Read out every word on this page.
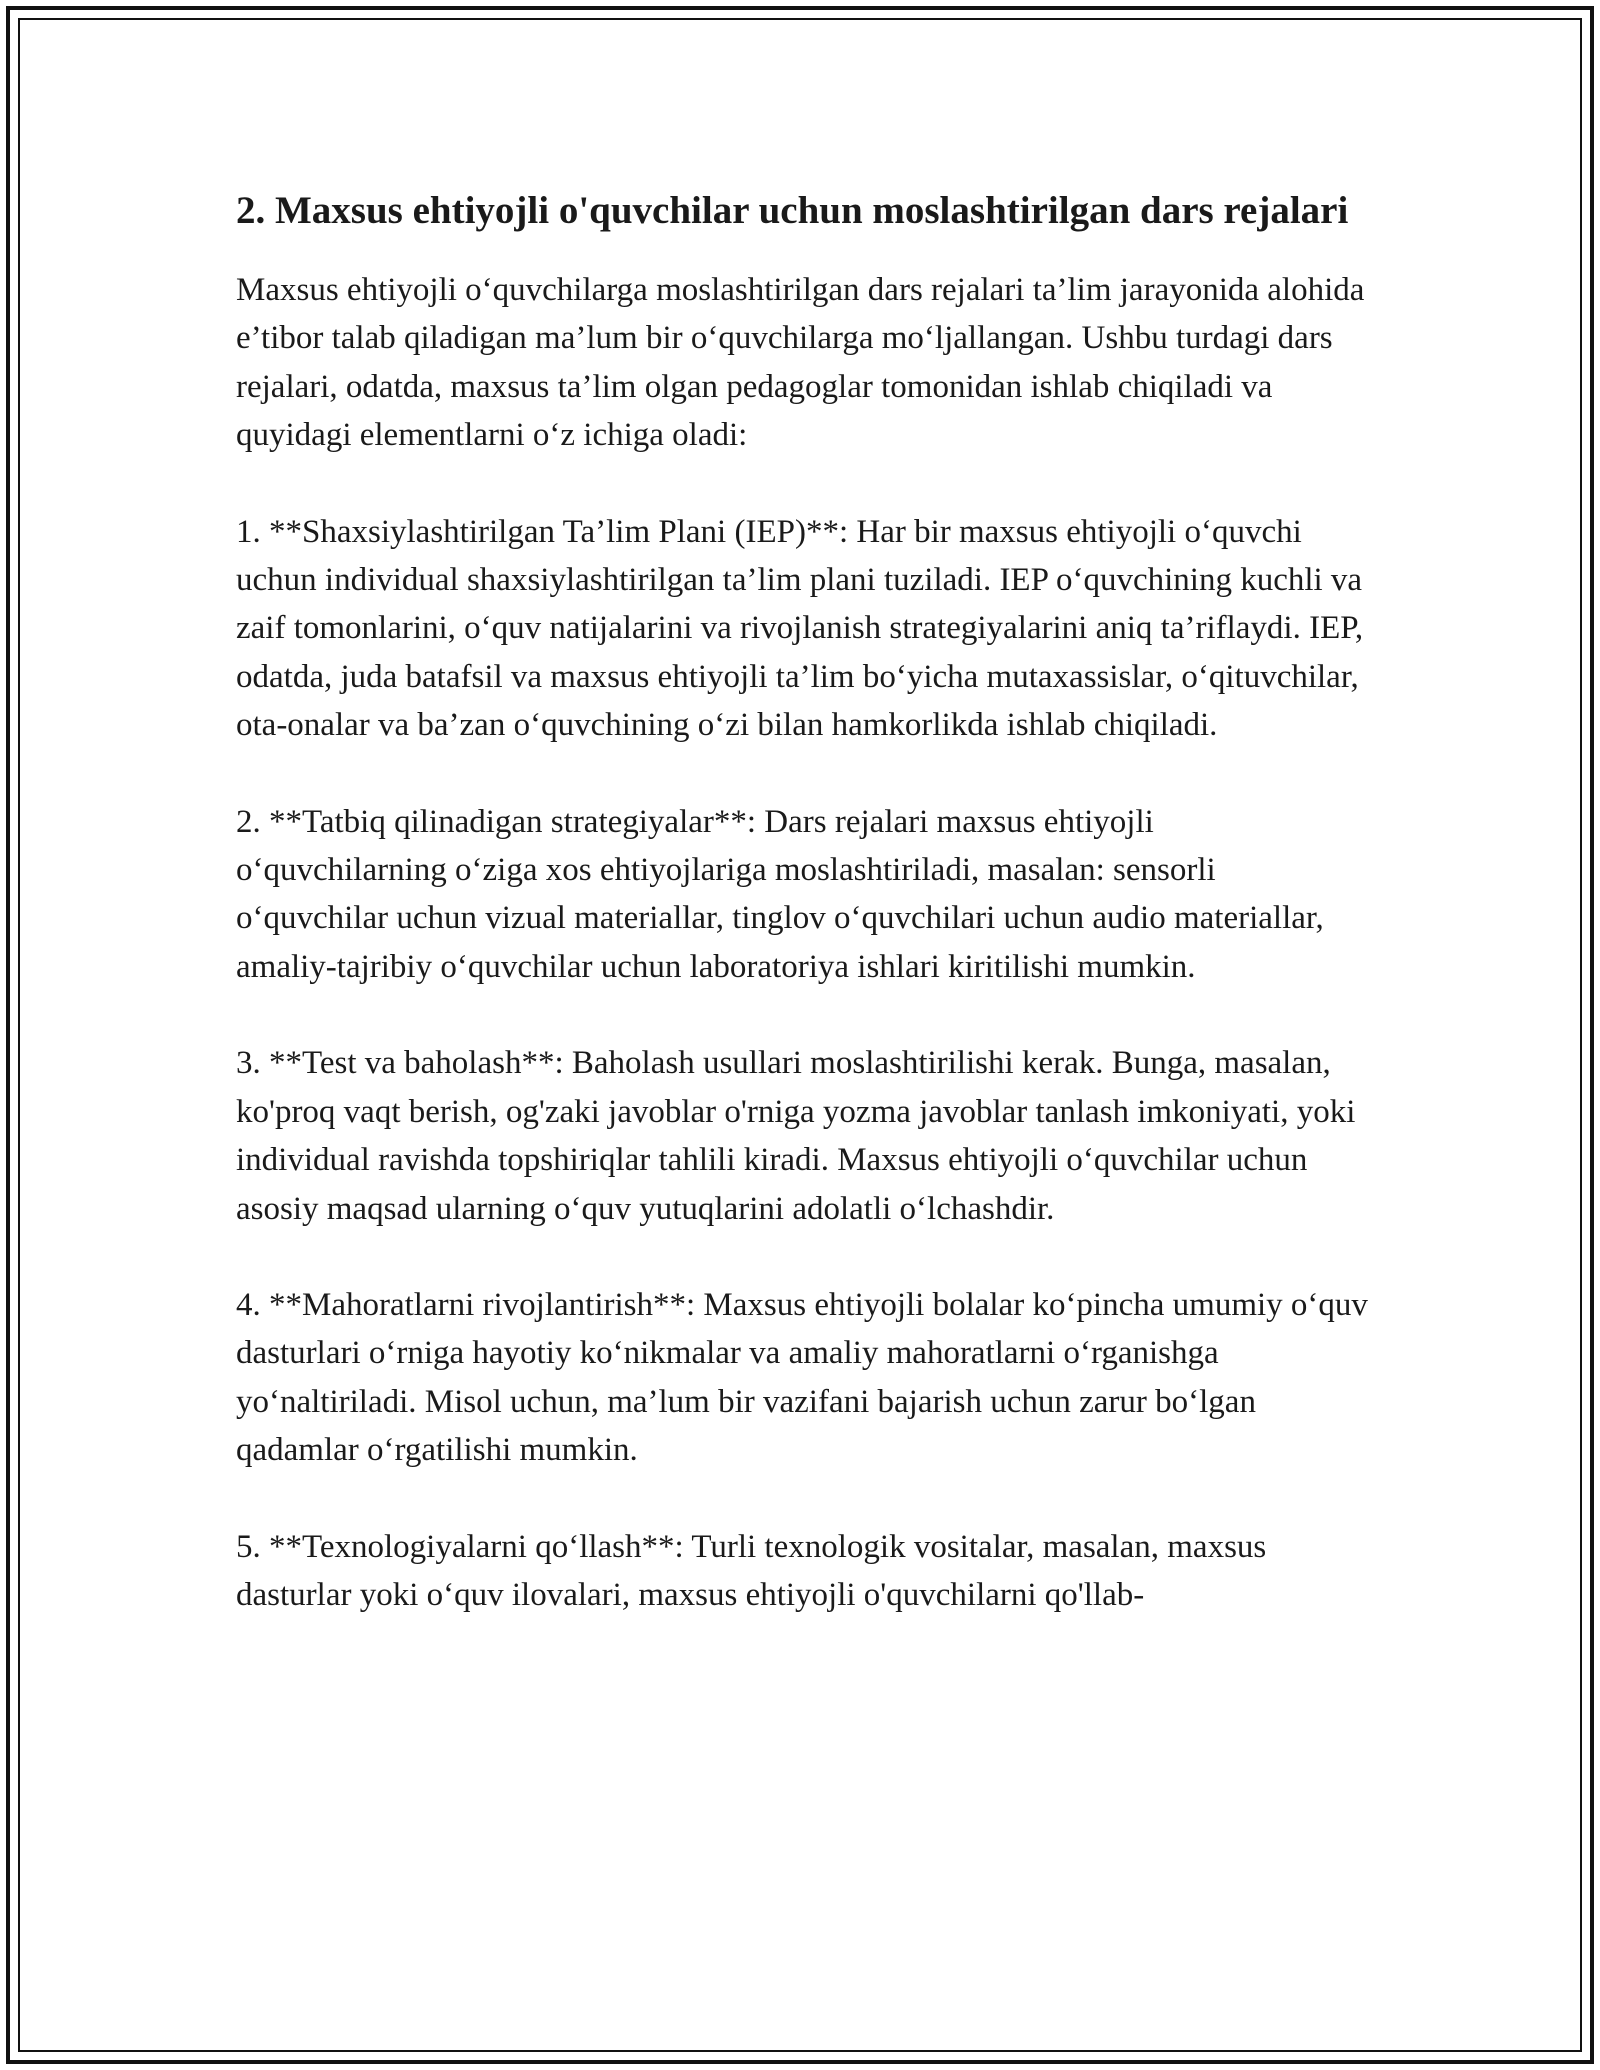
2. Maxsus ehtiyojli o'quvchilar uchun moslashtirilgan dars rejalari

Maxsus ehtiyojli o‘quvchilarga moslashtirilgan dars rejalari ta’lim jarayonida alohida e’tibor talab qiladigan ma’lum bir o‘quvchilarga mo‘ljallangan. Ushbu turdagi dars rejalari, odatda, maxsus ta’lim olgan pedagoglar tomonidan ishlab chiqiladi va quyidagi elementlarni o‘z ichiga oladi:

1. **Shaxsiylashtirilgan Ta’lim Plani (IEP)**: Har bir maxsus ehtiyojli o‘quvchi uchun individual shaxsiylashtirilgan ta’lim plani tuziladi. IEP o‘quvchining kuchli va zaif tomonlarini, o‘quv natijalarini va rivojlanish strategiyalarini aniq ta’riflaydi. IEP, odatda, juda batafsil va maxsus ehtiyojli ta’lim bo‘yicha mutaxassislar, o‘qituvchilar, ota-onalar va ba’zan o‘quvchining o‘zi bilan hamkorlikda ishlab chiqiladi.

2. **Tatbiq qilinadigan strategiyalar**: Dars rejalari maxsus ehtiyojli o‘quvchilarning o‘ziga xos ehtiyojlariga moslashtiriladi, masalan: sensorli o‘quvchilar uchun vizual materiallar, tinglov o‘quvchilari uchun audio materiallar, amaliy-tajribiy o‘quvchilar uchun laboratoriya ishlari kiritilishi mumkin.

3. **Test va baholash**: Baholash usullari moslashtirilishi kerak. Bunga, masalan, ko'proq vaqt berish, og'zaki javoblar o'rniga yozma javoblar tanlash imkoniyati, yoki individual ravishda topshiriqlar tahlili kiradi. Maxsus ehtiyojli o‘quvchilar uchun asosiy maqsad ularning o‘quv yutuqlarini adolatli o‘lchashdir.

4. **Mahoratlarni rivojlantirish**: Maxsus ehtiyojli bolalar ko‘pincha umumiy o‘quv dasturlari o‘rniga hayotiy ko‘nikmalar va amaliy mahoratlarni o‘rganishga yo‘naltiriladi. Misol uchun, ma’lum bir vazifani bajarish uchun zarur bo‘lgan qadamlar o‘rgatilishi mumkin.

5. **Texnologiyalarni qo‘llash**: Turli texnologik vositalar, masalan, maxsus dasturlar yoki o‘quv ilovalari, maxsus ehtiyojli o'quvchilarni qo'llab-
